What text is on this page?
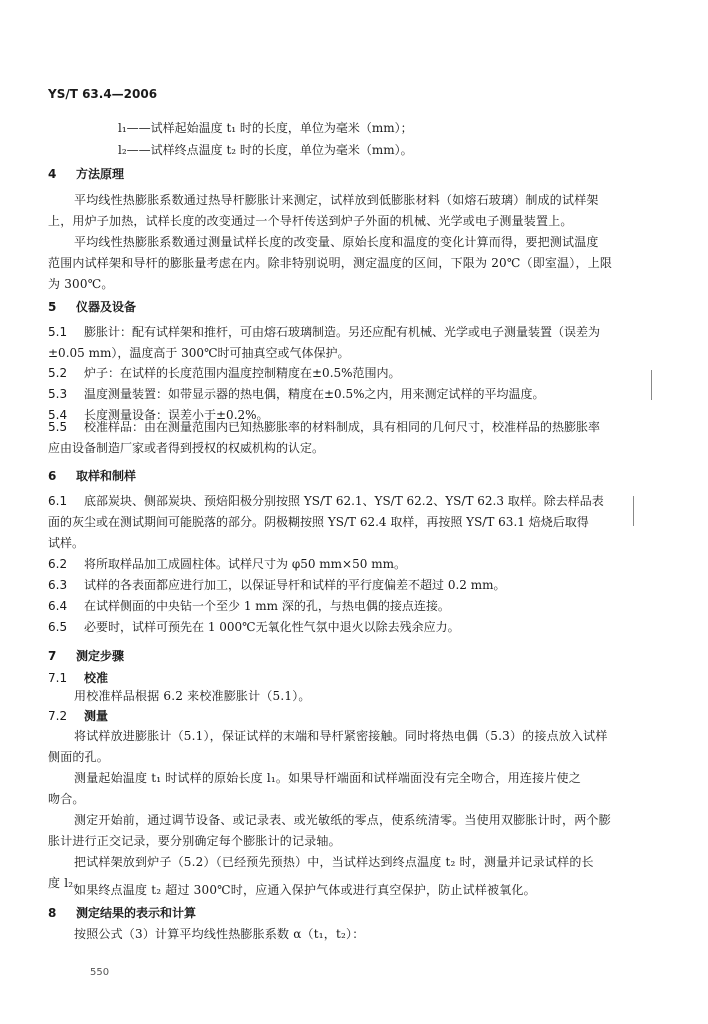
YS/T 63.4—2006
l₁——试样起始温度 t₁ 时的长度，单位为毫米（mm）；
l₂——试样终点温度 t₂ 时的长度，单位为毫米（mm）。
4 方法原理
平均线性热膨胀系数通过热导杆膨胀计来测定，试样放到低膨胀材料（如熔石玻璃）制成的试样架
上，用炉子加热，试样长度的改变通过一个导杆传送到炉子外面的机械、光学或电子测量装置上。
平均线性热膨胀系数通过测量试样长度的改变量、原始长度和温度的变化计算而得，要把测试温度
范围内试样架和导杆的膨胀量考虑在内。除非特别说明，测定温度的区间，下限为 20℃（即室温），上限
为 300℃。
5 仪器及设备
5.1 膨胀计：配有试样架和推杆，可由熔石玻璃制造。另还应配有机械、光学或电子测量装置（误差为
±0.05 mm），温度高于 300℃时可抽真空或气体保护。
5.2 炉子：在试样的长度范围内温度控制精度在±0.5%范围内。
5.3 温度测量装置：如带显示器的热电偶，精度在±0.5%之内，用来测定试样的平均温度。
5.4 长度测量设备：误差小于±0.2%。
5.5 校准样品：由在测量范围内已知热膨胀率的材料制成，具有相同的几何尺寸，校准样品的热膨胀率
应由设备制造厂家或者得到授权的权威机构的认定。
6 取样和制样
6.1 底部炭块、侧部炭块、预焙阳极分别按照 YS/T 62.1、YS/T 62.2、YS/T 62.3 取样。除去样品表
面的灰尘或在测试期间可能脱落的部分。阴极糊按照 YS/T 62.4 取样，再按照 YS/T 63.1 焙烧后取得
试样。
6.2 将所取样品加工成圆柱体。试样尺寸为 φ50 mm×50 mm。
6.3 试样的各表面都应进行加工，以保证导杆和试样的平行度偏差不超过 0.2 mm。
6.4 在试样侧面的中央钻一个至少 1 mm 深的孔，与热电偶的接点连接。
6.5 必要时，试样可预先在 1 000℃无氧化性气氛中退火以除去残余应力。
7 测定步骤
7.1 校准
用校准样品根据 6.2 来校准膨胀计（5.1）。
7.2 测量
将试样放进膨胀计（5.1），保证试样的末端和导杆紧密接触。同时将热电偶（5.3）的接点放入试样
侧面的孔。
测量起始温度 t₁ 时试样的原始长度 l₁。如果导杆端面和试样端面没有完全吻合，用连接片使之
吻合。
测定开始前，通过调节设备、或记录表、或光敏纸的零点，使系统清零。当使用双膨胀计时，两个膨
胀计进行正交记录，要分别确定每个膨胀计的记录轴。
把试样架放到炉子（5.2）（已经预先预热）中，当试样达到终点温度 t₂ 时，测量并记录试样的长
度 l₂。
如果终点温度 t₂ 超过 300℃时，应通入保护气体或进行真空保护，防止试样被氧化。
8 测定结果的表示和计算
按照公式（3）计算平均线性热膨胀系数 α（t₁，t₂）：
550
